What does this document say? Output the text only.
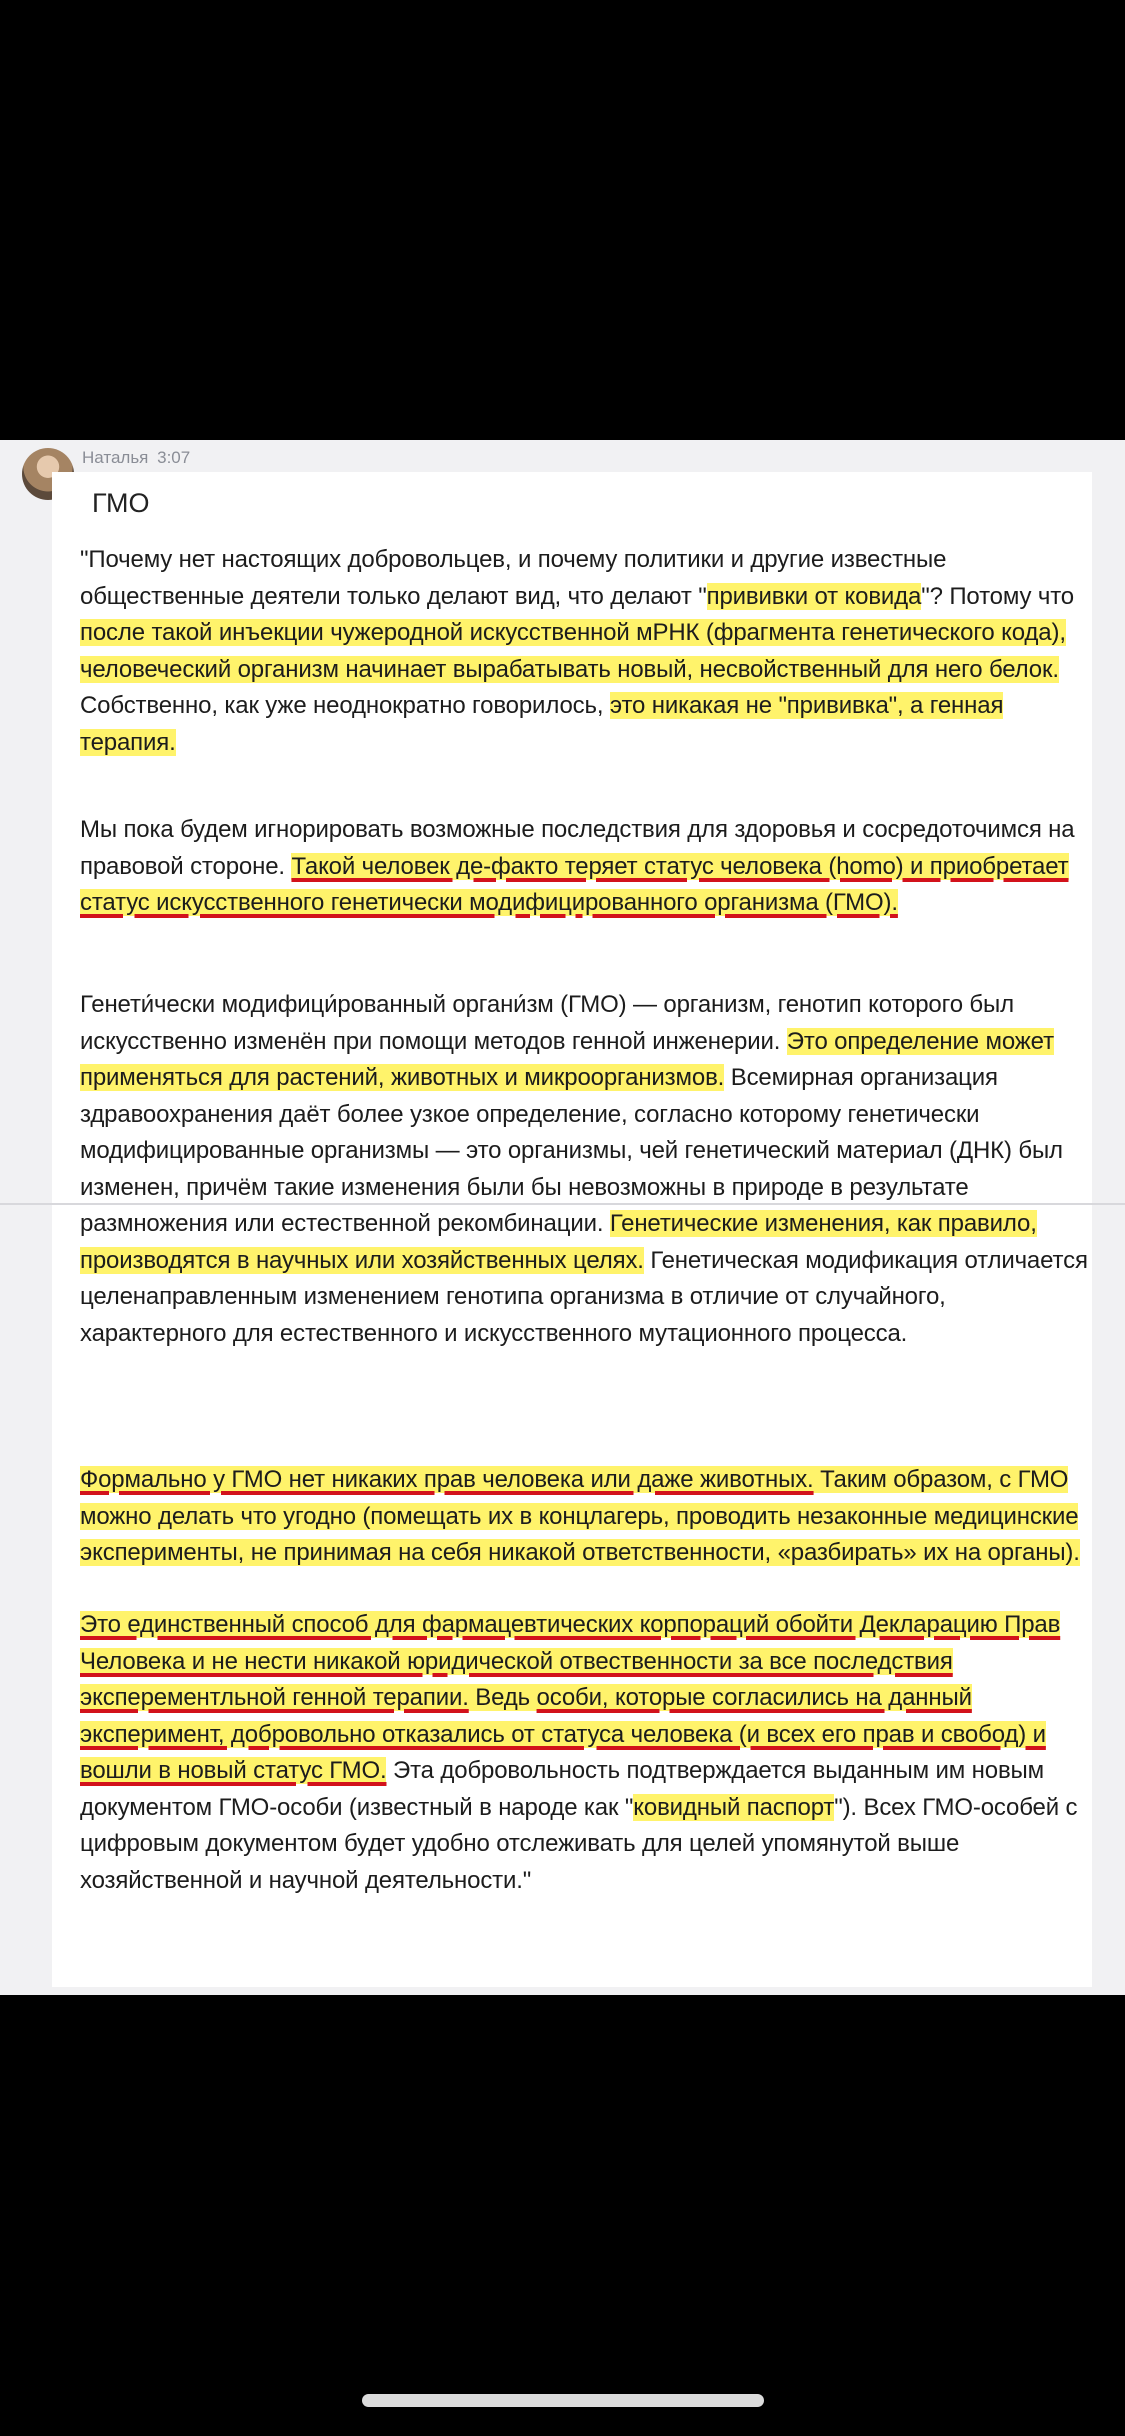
Наталья 3:07
ГМО

"Почему нет настоящих добровольцев, и почему политики и другие известные общественные деятели только делают вид, что делают "прививки от ковида"? Потому что после такой инъекции чужеродной искусственной мРНК (фрагмента генетического кода), человеческий организм начинает вырабатывать новый, несвойственный для него белок. Собственно, как уже неоднократно говорилось, это никакая не "прививка", а генная терапия.

Мы пока будем игнорировать возможные последствия для здоровья и сосредоточимся на правовой стороне. Такой человек де-факто теряет статус человека (homo) и приобретает статус искусственного генетически модифицированного организма (ГМО).

Генети́чески модифици́рованный органи́зм (ГМО) — организм, генотип которого был искусственно изменён при помощи методов генной инженерии. Это определение может применяться для растений, животных и микроорганизмов. Всемирная организация здравоохранения даёт более узкое определение, согласно которому генетически модифицированные организмы — это организмы, чей генетический материал (ДНК) был изменен, причём такие изменения были бы невозможны в природе в результате размножения или естественной рекомбинации. Генетические изменения, как правило, производятся в научных или хозяйственных целях. Генетическая модификация отличается целенаправленным изменением генотипа организма в отличие от случайного, характерного для естественного и искусственного мутационного процесса.

Формально у ГМО нет никаких прав человека или даже животных. Таким образом, с ГМО можно делать что угодно (помещать их в концлагерь, проводить незаконные медицинские эксперименты, не принимая на себя никакой ответственности, «разбирать» их на органы).

Это единственный способ для фармацевтических корпораций обойти Декларацию Прав Человека и не нести никакой юридической отвественности за все последствия эксперементльной генной терапии. Ведь особи, которые согласились на данный эксперимент, добровольно отказались от статуса человека (и всех его прав и свобод) и вошли в новый статус ГМО. Эта добровольность подтверждается выданным им новым документом ГМО-особи (известный в народе как "ковидный паспорт"). Всех ГМО-особей с цифровым документом будет удобно отслеживать для целей упомянутой выше хозяйственной и научной деятельности."
